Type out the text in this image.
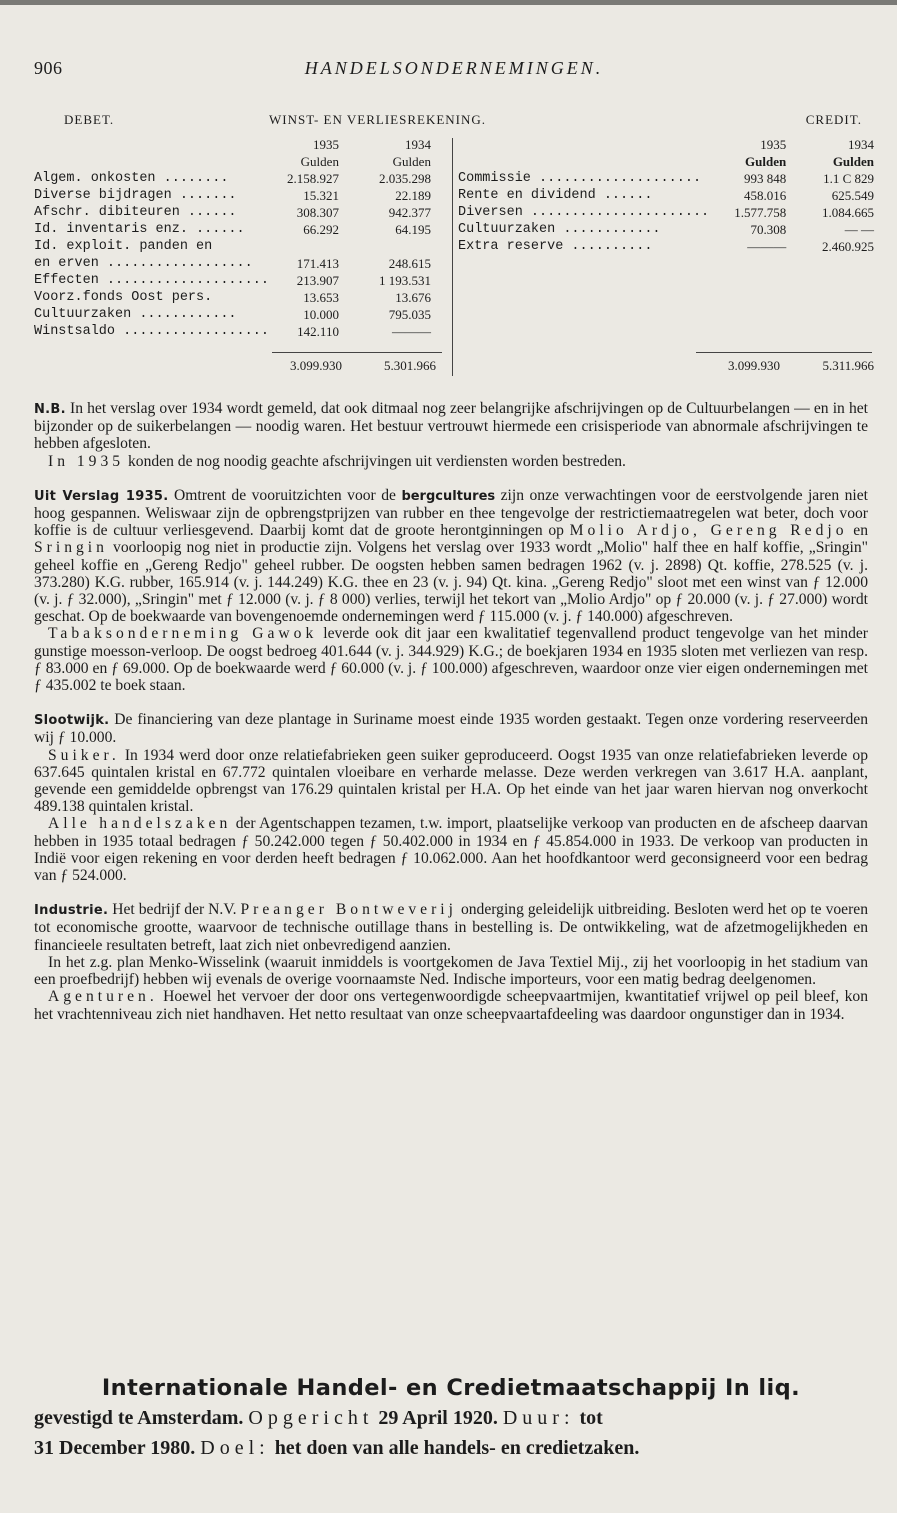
906	HANDELSONDERNEMINGEN.
DEBET.	WINST- EN VERLIESREKENING.	CREDIT.
	1935	1934
	Gulden	Gulden
Algem. onkosten ........	2.158.927	2.035.298
Diverse bijdragen .......	15.321	22.189
Afschr. dibiteuren ......	308.307	942.377
Id. inventaris enz. ......	66.292	64.195
Id. exploit. panden en		
en erven ..................	171.413	248.615
Effecten ....................	213.907	1 193.531
Voorz.fonds Oost pers.	13.653	13.676
Cultuurzaken ............	10.000	795.035
Winstsaldo ..................	142.110	———
3.099.930	5.301.966
	1935	1934
	Gulden	Gulden
Commissie ....................	993 848	1.1 C 829
Rente en dividend ......	458.016	625.549
Diversen ......................	1.577.758	1.084.665
Cultuurzaken ............	70.308	— —
Extra reserve ..........	———	2.460.925
3.099.930	5.311.966

N.B. In het verslag over 1934 wordt gemeld, dat ook ditmaal nog zeer belangrijke afschrijvingen op de Cultuurbelangen — en in het bijzonder op de suikerbelangen — noodig waren. Het bestuur vertrouwt hiermede een crisisperiode van abnormale afschrijvingen te hebben afgesloten.

In 1935 konden de nog noodig geachte afschrijvingen uit verdiensten worden bestreden.

Uit Verslag 1935. Omtrent de vooruitzichten voor de bergcultures zijn onze verwachtingen voor de eerstvolgende jaren niet hoog gespannen. Weliswaar zijn de opbrengstprijzen van rubber en thee tengevolge der restrictiemaatregelen wat beter, doch voor koffie is de cultuur verliesgevend. Daarbij komt dat de groote herontginningen op Molio Ardjo, Gereng Redjo en Sringin voorloopig nog niet in productie zijn. Volgens het verslag over 1933 wordt „Molio" half thee en half koffie, „Sringin" geheel koffie en „Gereng Redjo" geheel rubber. De oogsten hebben samen bedragen 1962 (v. j. 2898) Qt. koffie, 278.525 (v. j. 373.280) K.G. rubber, 165.914 (v. j. 144.249) K.G. thee en 23 (v. j. 94) Qt. kina. „Gereng Redjo" sloot met een winst van ƒ 12.000 (v. j. ƒ 32.000), „Sringin" met ƒ 12.000 (v. j. ƒ 8 000) verlies, terwijl het tekort van „Molio Ardjo" op ƒ 20.000 (v. j. ƒ 27.000) wordt geschat. Op de boekwaarde van bovengenoemde ondernemingen werd ƒ 115.000 (v. j. ƒ 140.000) afgeschreven.

Tabaksonderneming Gawok leverde ook dit jaar een kwalitatief tegenvallend product tengevolge van het minder gunstige moesson-verloop. De oogst bedroeg 401.644 (v. j. 344.929) K.G.; de boekjaren 1934 en 1935 sloten met verliezen van resp. ƒ 83.000 en ƒ 69.000. Op de boekwaarde werd ƒ 60.000 (v. j. ƒ 100.000) afgeschreven, waardoor onze vier eigen ondernemingen met ƒ 435.002 te boek staan.

Slootwijk. De financiering van deze plantage in Suriname moest einde 1935 worden gestaakt. Tegen onze vordering reserveerden wij ƒ 10.000.

Suiker. In 1934 werd door onze relatiefabrieken geen suiker geproduceerd. Oogst 1935 van onze relatiefabrieken leverde op 637.645 quintalen kristal en 67.772 quintalen vloeibare en verharde melasse. Deze werden verkregen van 3.617 H.A. aanplant, gevende een gemiddelde opbrengst van 176.29 quintalen kristal per H.A. Op het einde van het jaar waren hiervan nog onverkocht 489.138 quintalen kristal.

Alle handelszaken der Agentschappen tezamen, t.w. import, plaatselijke verkoop van producten en de afscheep daarvan hebben in 1935 totaal bedragen ƒ 50.242.000 tegen ƒ 50.402.000 in 1934 en ƒ 45.854.000 in 1933. De verkoop van producten in Indië voor eigen rekening en voor derden heeft bedragen ƒ 10.062.000. Aan het hoofdkantoor werd geconsigneerd voor een bedrag van ƒ 524.000.

Industrie. Het bedrijf der N.V. Preanger Bontweverij onderging geleidelijk uitbreiding. Besloten werd het op te voeren tot economische grootte, waarvoor de technische outillage thans in bestelling is. De ontwikkeling, wat de afzetmogelijkheden en financieele resultaten betreft, laat zich niet onbevredigend aanzien.

In het z.g. plan Menko-Wisselink (waaruit inmiddels is voortgekomen de Java Textiel Mij., zij het voorloopig in het stadium van een proefbedrijf) hebben wij evenals de overige voornaamste Ned. Indische importeurs, voor een matig bedrag deelgenomen.

Agenturen. Hoewel het vervoer der door ons vertegenwoordigde scheepvaartmijen, kwantitatief vrijwel op peil bleef, kon het vrachtenniveau zich niet handhaven. Het netto resultaat van onze scheepvaartafdeeling was daardoor ongunstiger dan in 1934.

Internationale Handel- en Credietmaatschappij In liq.
gevestigd te Amsterdam. Opgericht 29 April 1920. Duur: tot
31 December 1980. Doel: het doen van alle handels- en credietzaken.
